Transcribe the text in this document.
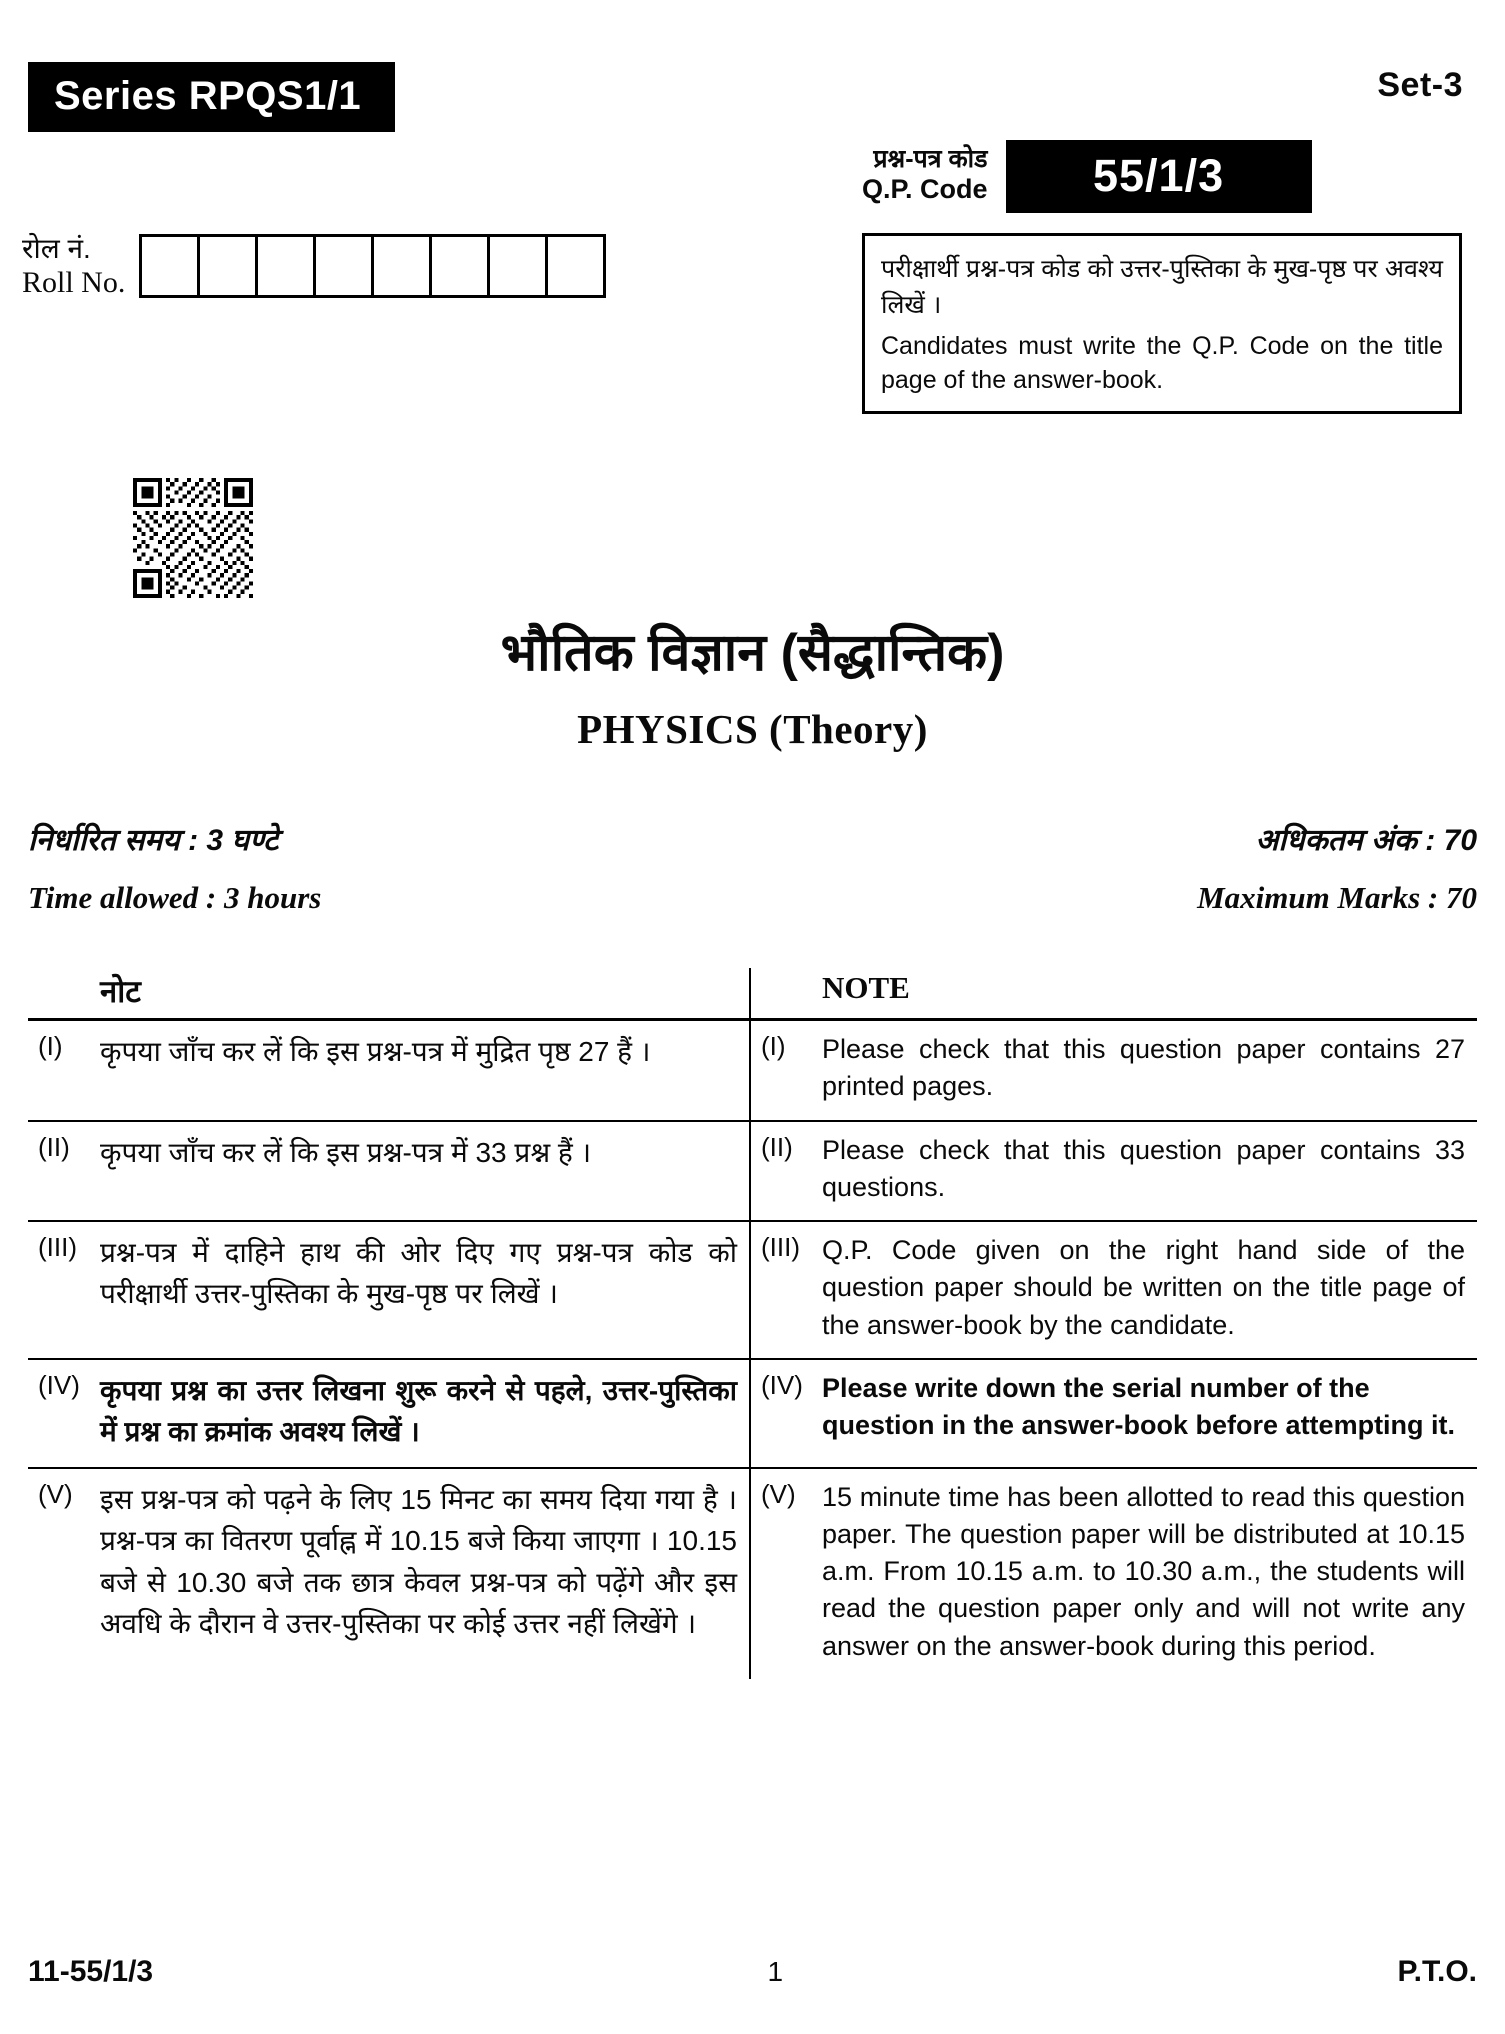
Series RPQS1/1	Set-3
प्रश्न-पत्र कोड
Q.P. Code	55/1/3
रोल नं.
Roll No.	परीक्षार्थी प्रश्न-पत्र कोड को उत्तर-पुस्तिका के मुख-पृष्ठ पर अवश्य लिखें ।
Candidates must write the Q.P. Code on the title page of the answer-book.
भौतिक विज्ञान (सैद्धान्तिक)
PHYSICS (Theory)
निर्धारित समय : 3 घण्टे	अधिकतम अंक : 70
Time allowed : 3 hours	Maximum Marks : 70
	नोट		NOTE
(I)	कृपया जाँच कर लें कि इस प्रश्न-पत्र में मुद्रित पृष्ठ 27 हैं ।	(I)	Please check that this question paper contains 27 printed pages.
(II)	कृपया जाँच कर लें कि इस प्रश्न-पत्र में 33 प्रश्न हैं ।	(II)	Please check that this question paper contains 33 questions.
(III)	प्रश्न-पत्र में दाहिने हाथ की ओर दिए गए प्रश्न-पत्र कोड को परीक्षार्थी उत्तर-पुस्तिका के मुख-पृष्ठ पर लिखें ।	(III)	Q.P. Code given on the right hand side of the question paper should be written on the title page of the answer-book by the candidate.
(IV)	कृपया प्रश्न का उत्तर लिखना शुरू करने से पहले, उत्तर-पुस्तिका में प्रश्न का क्रमांक अवश्य लिखें ।	(IV)	Please write down the serial number of the question in the answer-book before attempting it.
(V)	इस प्रश्न-पत्र को पढ़ने के लिए 15 मिनट का समय दिया गया है । प्रश्न-पत्र का वितरण पूर्वाह्न में 10.15 बजे किया जाएगा । 10.15 बजे से 10.30 बजे तक छात्र केवल प्रश्न-पत्र को पढ़ेंगे और इस अवधि के दौरान वे उत्तर-पुस्तिका पर कोई उत्तर नहीं लिखेंगे ।	(V)	15 minute time has been allotted to read this question paper. The question paper will be distributed at 10.15 a.m. From 10.15 a.m. to 10.30 a.m., the students will read the question paper only and will not write any answer on the answer-book during this period.
11-55/1/3	1	P.T.O.
